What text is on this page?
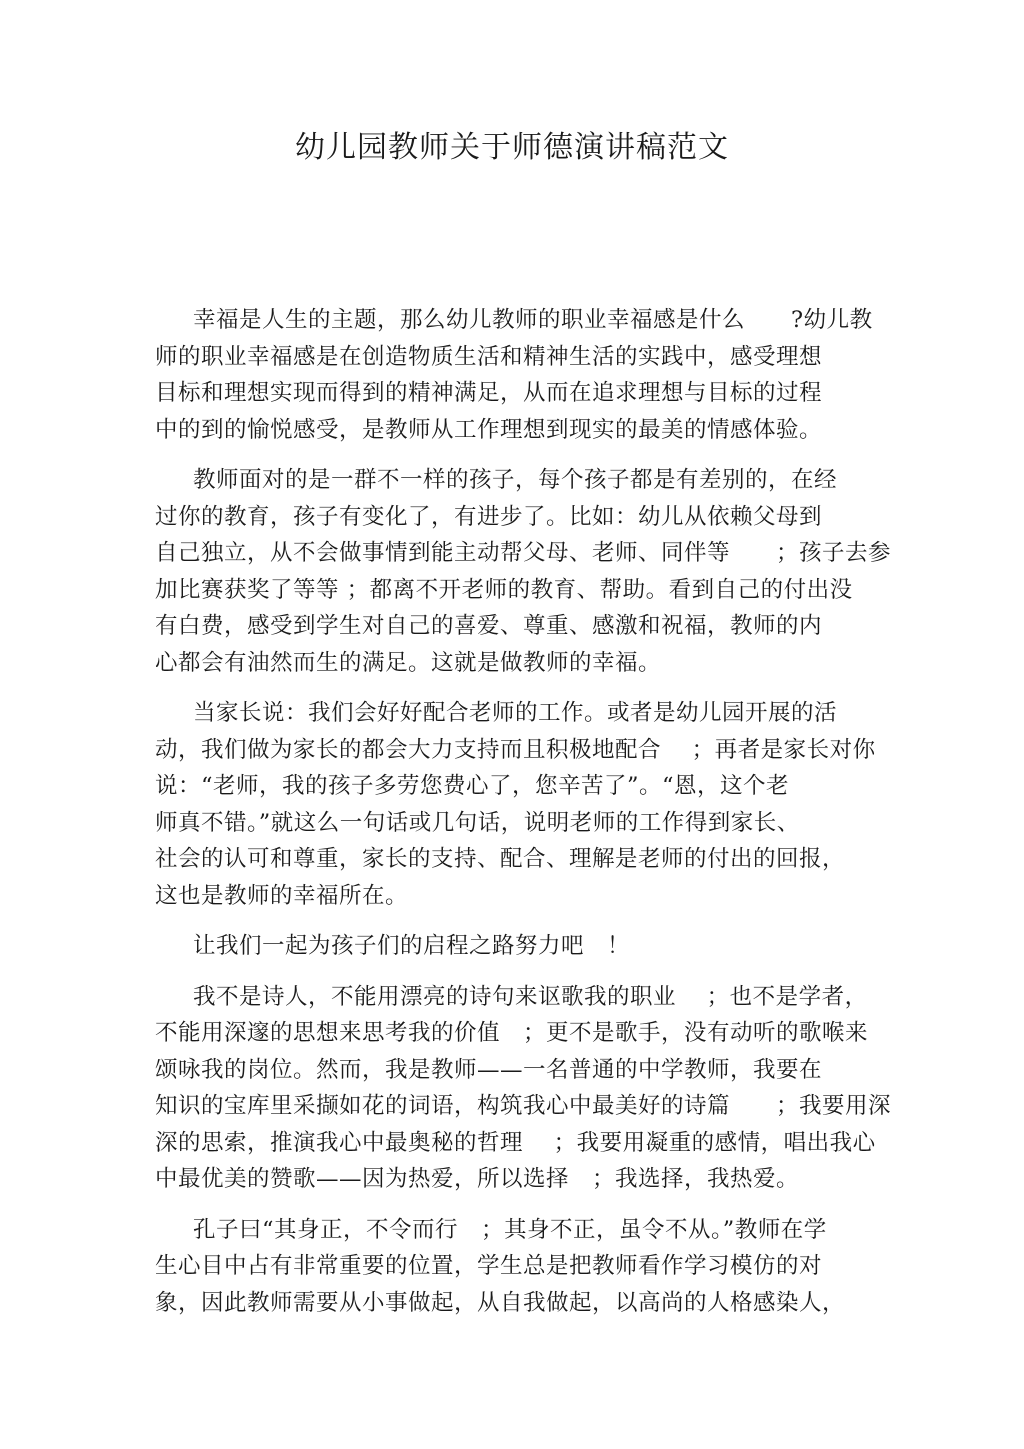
幼儿园教师关于师德演讲稿范文

幸福是人生的主题，那么幼儿教师的职业幸福感是什么　　?幼儿教
师的职业幸福感是在创造物质生活和精神生活的实践中，感受理想
目标和理想实现而得到的精神满足，从而在追求理想与目标的过程
中的到的愉悦感受，是教师从工作理想到现实的最美的情感体验。

教师面对的是一群不一样的孩子，每个孩子都是有差别的，在经
过你的教育，孩子有变化了，有进步了。比如：幼儿从依赖父母到
自己独立，从不会做事情到能主动帮父母、老师、同伴等　　；孩子去参
加比赛获奖了等等 ；都离不开老师的教育、帮助。看到自己的付出没
有白费，感受到学生对自己的喜爱、尊重、感激和祝福，教师的内
心都会有油然而生的满足。这就是做教师的幸福。

当家长说：我们会好好配合老师的工作。或者是幼儿园开展的活
动，我们做为家长的都会大力支持而且积极地配合　 ；再者是家长对你
说：“老师，我的孩子多劳您费心了，您辛苦了”。“恩，这个老
师真不错。”就这么一句话或几句话，说明老师的工作得到家长、
社会的认可和尊重，家长的支持、配合、理解是老师的付出的回报，
这也是教师的幸福所在。

让我们一起为孩子们的启程之路努力吧　！

我不是诗人，不能用漂亮的诗句来讴歌我的职业　 ；也不是学者，
不能用深邃的思想来思考我的价值　；更不是歌手，没有动听的歌喉来
颂咏我的岗位。然而，我是教师——一名普通的中学教师，我要在
知识的宝库里采撷如花的词语，构筑我心中最美好的诗篇　　；我要用深
深的思索，推演我心中最奥秘的哲理　 ；我要用凝重的感情，唱出我心
中最优美的赞歌——因为热爱，所以选择　；我选择，我热爱。

孔子曰“其身正，不令而行　；其身不正，虽令不从。”教师在学
生心目中占有非常重要的位置，学生总是把教师看作学习模仿的对
象，因此教师需要从小事做起，从自我做起，以高尚的人格感染人，
